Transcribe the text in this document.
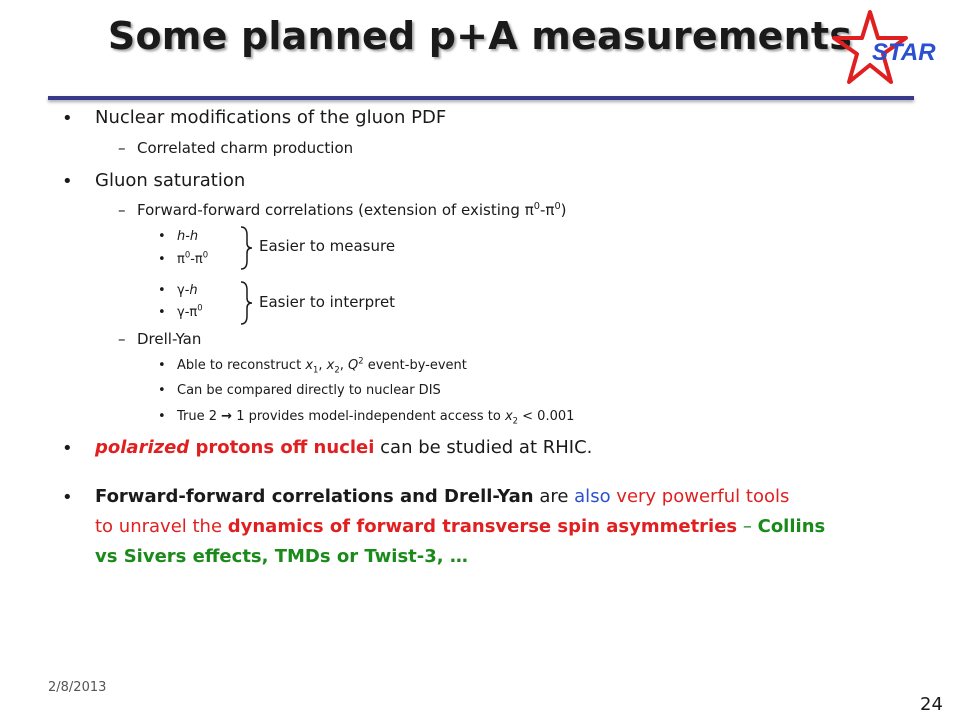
Some planned p+A measurements STAR
• Nuclear modifications of the gluon PDF
– Correlated charm production
• Gluon saturation
– Forward-forward correlations (extension of existing $\pi^0-\pi^0$)
• h-h
• $\pi^0-\pi^0$	Easier to measure
• γ-h
• $\gamma-\pi^0$	Easier to interpret
– Drell-Yan
• Able to reconstruct $x_1$, $x_2$, $Q^2$ event-by-event
• Can be compared directly to nuclear DIS
• True 2 → 1 provides model-independent access to $x_2 < 0.001$
• polarized protons off nuclei can be studied at RHIC.
• Forward-forward correlations and Drell-Yan are also very powerful tools
to unravel the dynamics of forward transverse spin asymmetries – Collins
vs Sivers effects, TMDs or Twist-3, …
2/8/2013
24
